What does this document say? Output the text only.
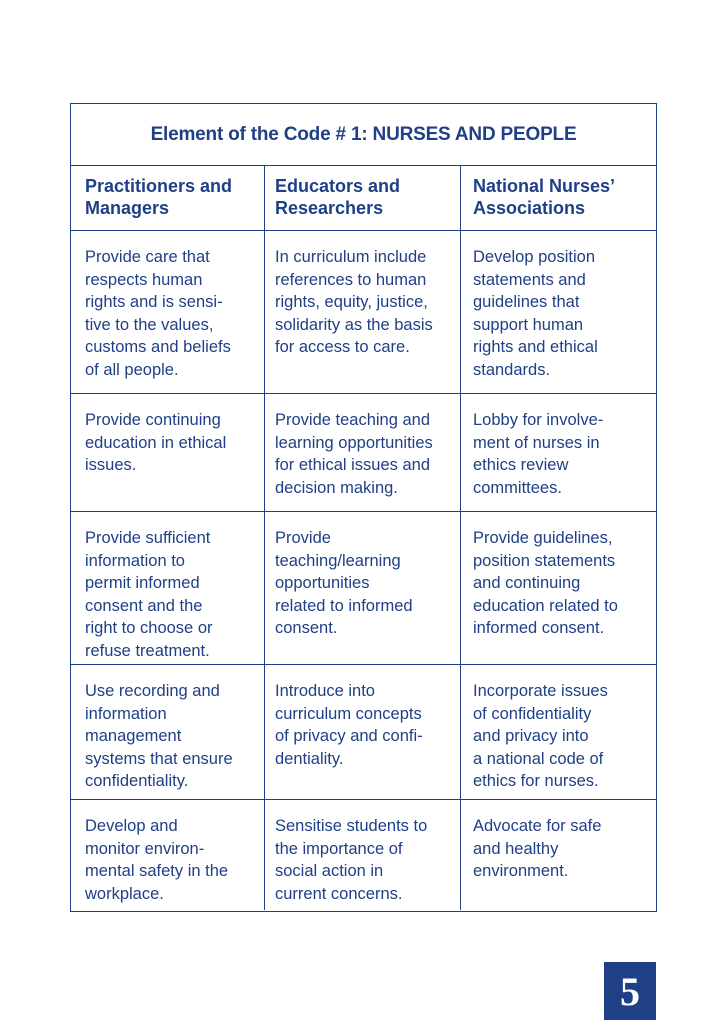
Element of the Code # 1: NURSES AND PEOPLE
Practitioners and
Managers
Educators and
Researchers
National Nurses’
Associations
Provide care that
respects human
rights and is sensi-
tive to the values,
customs and beliefs
of all people.
In curriculum include
references to human
rights, equity, justice,
solidarity as the basis
for access to care.
Develop position
statements and
guidelines that
support human
rights and ethical
standards.
Provide continuing
education in ethical
issues.
Provide teaching and
learning opportunities
for ethical issues and
decision making.
Lobby for involve-
ment of nurses in
ethics review
committees.
Provide sufficient
information to
permit informed
consent and the
right to choose or
refuse treatment.
Provide
teaching/learning
opportunities
related to informed
consent.
Provide guidelines,
position statements
and continuing
education related to
informed consent.
Use recording and
information
management
systems that ensure
confidentiality.
Introduce into
curriculum concepts
of privacy and confi-
dentiality.
Incorporate issues
of confidentiality
and privacy into
a national code of
ethics for nurses.
Develop and
monitor environ-
mental safety in the
workplace.
Sensitise students to
the importance of
social action in
current concerns.
Advocate for safe
and healthy
environment.
5
